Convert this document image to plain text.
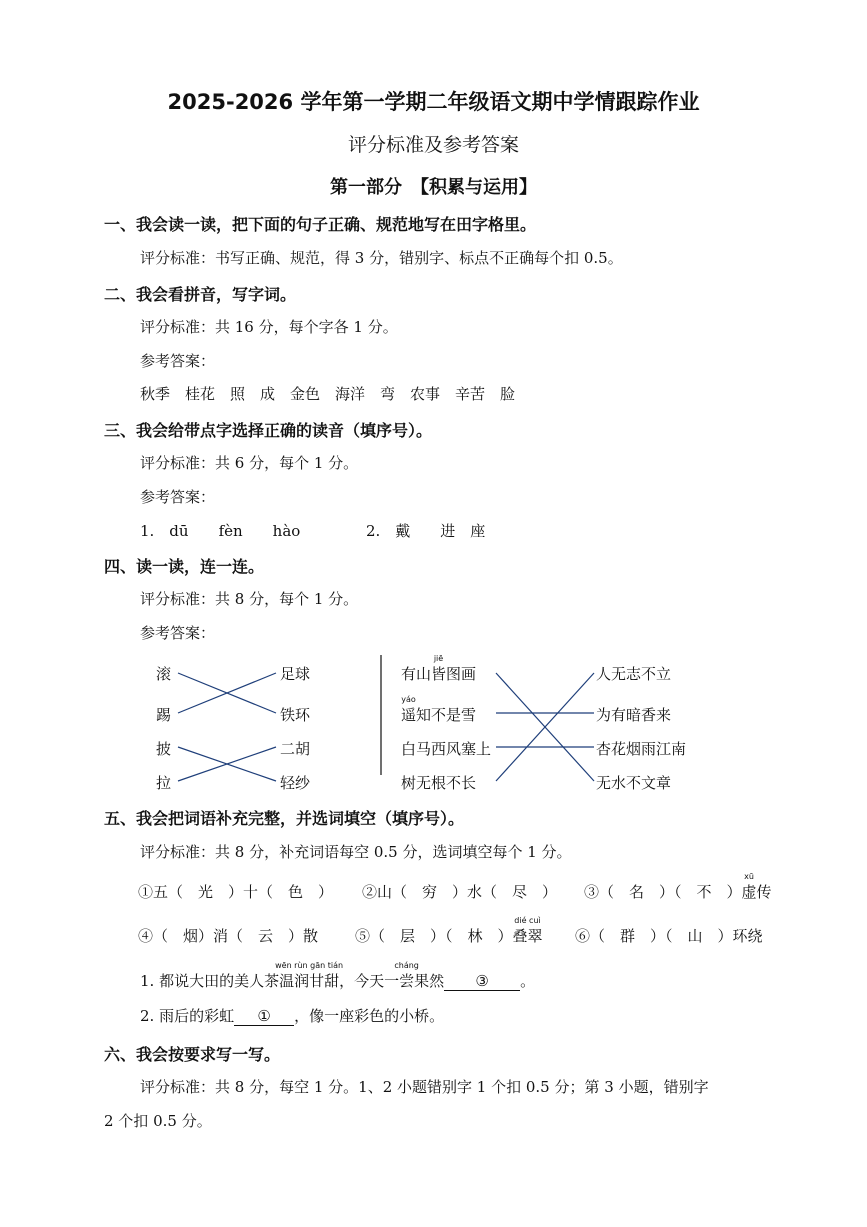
2025-2026 学年第一学期二年级语文期中学情跟踪作业
评分标准及参考答案
第一部分　【积累与运用】
一、我会读一读，把下面的句子正确、规范地写在田字格里。
评分标准：书写正确、规范，得 3 分，错别字、标点不正确每个扣 0.5。
二、我会看拼音，写字词。
评分标准：共 16 分，每个字各 1 分。
参考答案：
秋季　桂花　照　成　金色　海洋　弯　农事　辛苦　脸
三、我会给带点字选择正确的读音（填序号）。
评分标准：共 6 分，每个 1 分。
参考答案：
1.　dū　　fèn　　hào	2.　戴　　进　座
四、读一读，连一连。
评分标准：共 8 分，每个 1 分。
参考答案：
滚
踢
披
拉
足球
铁环
二胡
轻纱
有山
jiē
皆图画
yáo
遥知不是雪
白马西风塞上
树无根不长
人无志不立
为有暗香来
杏花烟雨江南
无水不文章
五、我会把词语补充完整，并选词填空（填序号）。
评分标准：共 8 分，补充词语每空 0.5 分，选词填空每个 1 分。
①五（　光　）十（　色　） ②山（　穷　）水（　尽　） ③（　名　）（　不　）
xū
虚传
④（　烟）消（　云　）散 ⑤（　层　）（　林　）
dié cuì
叠翠 ⑥（　群　）（　山　）环绕
1. 都说大田的美人茶
wēn rùn gān tián
温润甘甜，今天一
cháng
尝果然 ③ 。
2. 雨后的彩虹 ① ，像一座彩色的小桥。
六、我会按要求写一写。
评分标准：共 8 分，每空 1 分。1、2 小题错别字 1 个扣 0.5 分；第 3 小题，错别字
2 个扣 0.5 分。
